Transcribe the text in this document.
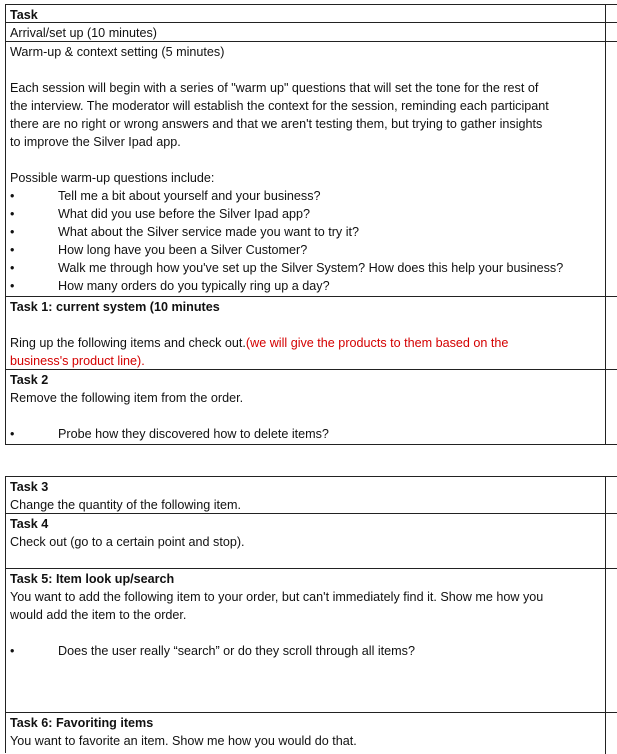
Task
Arrival/set up (10 minutes)
Warm-up & context setting (5 minutes)
Each session will begin with a series of "warm up" questions that will set the tone for the rest of
the interview. The moderator will establish the context for the session, reminding each participant
there are no right or wrong answers and that we aren't testing them, but trying to gather insights
to improve the Silver Ipad app.
Possible warm-up questions include:
•	Tell me a bit about yourself and your business?
•	What did you use before the Silver Ipad app?
•	What about the Silver service made you want to try it?
•	How long have you been a Silver Customer?
•	Walk me through how you've set up the Silver System? How does this help your business?
•	How many orders do you typically ring up a day?
Task 1: current system (10 minutes
Ring up the following items and check out.(we will give the products to them based on the
business's product line).
Task 2
Remove the following item from the order.
•	Probe how they discovered how to delete items?
Task 3
Change the quantity of the following item.
Task 4
Check out (go to a certain point and stop).
Task 5: Item look up/search
You want to add the following item to your order, but can't immediately find it. Show me how you
would add the item to the order.
•	Does the user really “search” or do they scroll through all items?
Task 6: Favoriting items
You want to favorite an item. Show me how you would do that.
